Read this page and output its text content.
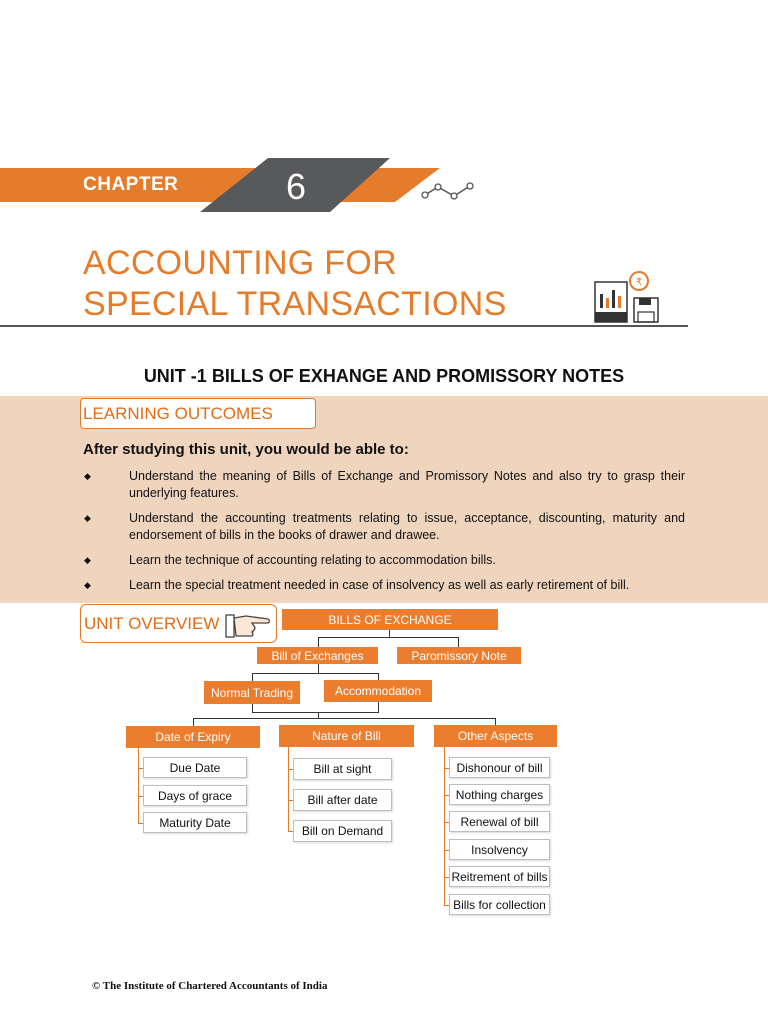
CHAPTER	6
ACCOUNTING FOR
SPECIAL TRANSACTIONS
₹
UNIT -1 BILLS OF EXHANGE AND PROMISSORY NOTES
LEARNING OUTCOMES
After studying this unit, you would be able to:
◆	Understand the meaning of Bills of Exchange and Promissory Notes and also try to grasp their underlying features.
◆	Understand the accounting treatments relating to issue, acceptance, discounting, maturity and endorsement of bills in the books of drawer and drawee.
◆	Learn the technique of accounting relating to accommodation bills.
◆	Learn the special treatment needed in case of insolvency as well as early retirement of bill.
UNIT OVERVIEW	BILLS OF EXCHANGE
Bill of Exchanges	Paromissory Note
Normal Trading	Accommodation
Date of Expiry	Nature of Bill	Other Aspects
Due Date
Days of grace
Maturity Date
Bill at sight
Bill after date
Bill on Demand
Dishonour of bill
Nothing charges
Renewal of bill
Insolvency
Reitrement of bills
Bills for collection
© The Institute of Chartered Accountants of India
